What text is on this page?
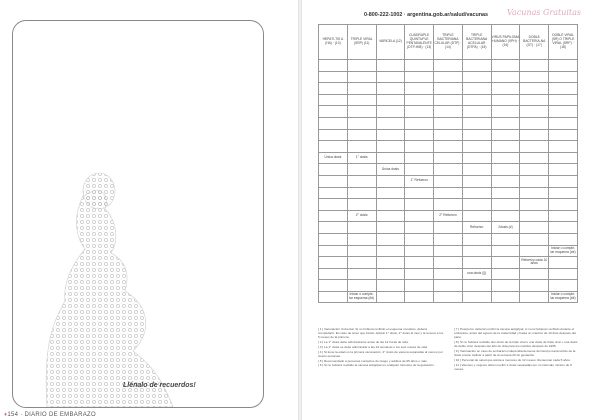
Llénalo de recuerdos!
♦154 · DIARIO DE EMBARAZO
0-800-222-1002 · argentina.gob.ar/salud/vacunas Vacunas Gratuitas
HEPATI-TIS A (HA) · (10)	TRIPLE VIRAL (SRP) (11)	VARICELA (12)	CUÁDRUPLE QUINTUPLE PENTAVALENTE (DTP-HIB) · (13)	TRIPLE BACTERIANA CELULAR (DTP) · (14)	TRIPLE BACTERIANA ACELULAR (DTPA) · (15)	VIRUS PAPILOMA HUMANO (VPH) · (16)	DOBLE BACTERIA-NA (DT) · (17)	DOBLE VIRAL (SR) O TRIPLE VIRAL (SRP) · (18)

Única dosis	1° dosis							
		Única dosis						
			1° Refuerzo					

	2° dosis			2° Refuerzo				
					Refuerzo	2dosis (#)		

								Iniciar o comple-tar esquema (##)
							Refuerzo cada 10 años	
					una dosis (§)			

	Iniciar o comple-tar esquema (##)							Iniciar o comple-tar esquema (##)

[ 1 ] Vacunación Universal. Si no hubiera recibido el esquema completo, deberá completarlo. En caso de tener que iniciar: Aplicar 1° dosis, 2° dosis al mes y la tercera a los 6 meses de la primera.

[ 2 ] La 1° dosis debe administrarse antes de las 12 horas de vida.

[ 3 ] La 1° dosis se debe administrar a las 24 semanas o los seis meses de vida.

[ 4 ] Si tiene la edad en la primera vacunación, 2° dosis de vacuna separadas al menos por cuatro semanas.

[ 5 ] Recomendado a personas contactos de riesgo y adultos de 65 años o más.

[ 6 ] Si no hubiera recibido la vacuna antigripal en cualquier trimestre de la gestación.

[ 7 ] Puerperio: deberán recibir la vacuna antigripal, si no la hubieran recibido durante el embarazo, antes del egreso de la maternidad y hasta un máximo de 10 días después del parto.

[ 8 ] Si no hubiera recibido dos dosis de la triple viral o una dosis de triple viral + una dosis de doble viral, después del año de vida para los nacidos después de 1965.

[ 9 ] Vacunación en caso de embarazo independientemente del tiempo transcurrido de la dosis previa. Aplicar a partir de la semana 20 de gestación.

[ 10 ] Personal de salud que asista a menores de 12 meses. Revacunar cada 5 años.

[ 11 ] Varones y mujeres deben recibir 2 dosis separadas por un intervalo mínimo de 6 meses.
